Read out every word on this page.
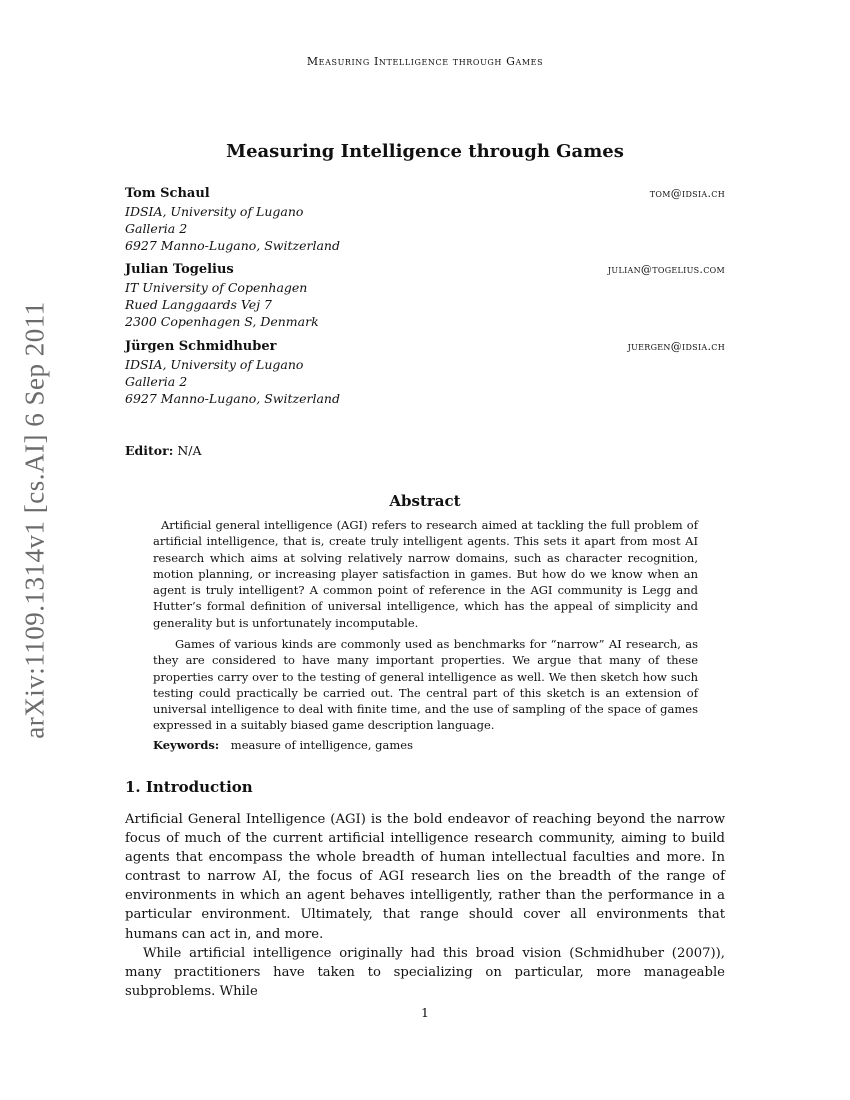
Measuring Intelligence through Games
Measuring Intelligence through Games
Tom Schaul	tom@idsia.ch
IDSIA, University of Lugano
Galleria 2
6927 Manno-Lugano, Switzerland
Julian Togelius	julian@togelius.com
IT University of Copenhagen
Rued Langgaards Vej 7
2300 Copenhagen S, Denmark
Jürgen Schmidhuber	juergen@idsia.ch
IDSIA, University of Lugano
Galleria 2
6927 Manno-Lugano, Switzerland
Editor: N/A
Abstract
Artificial general intelligence (AGI) refers to research aimed at tackling the full problem of artificial intelligence, that is, create truly intelligent agents. This sets it apart from most AI research which aims at solving relatively narrow domains, such as character recognition, motion planning, or increasing player satisfaction in games. But how do we know when an agent is truly intelligent? A common point of reference in the AGI community is Legg and Hutter’s formal definition of universal intelligence, which has the appeal of simplicity and generality but is unfortunately incomputable.
Games of various kinds are commonly used as benchmarks for “narrow” AI research, as they are considered to have many important properties. We argue that many of these properties carry over to the testing of general intelligence as well. We then sketch how such testing could practically be carried out. The central part of this sketch is an extension of universal intelligence to deal with finite time, and the use of sampling of the space of games expressed in a suitably biased game description language.
Keywords: measure of intelligence, games
1. Introduction
Artificial General Intelligence (AGI) is the bold endeavor of reaching beyond the narrow focus of much of the current artificial intelligence research community, aiming to build agents that encompass the whole breadth of human intellectual faculties and more. In contrast to narrow AI, the focus of AGI research lies on the breadth of the range of environments in which an agent behaves intelligently, rather than the performance in a particular environment. Ultimately, that range should cover all environments that humans can act in, and more.
While artificial intelligence originally had this broad vision (Schmidhuber (2007)), many practitioners have taken to specializing on particular, more manageable subproblems. While
1
arXiv:1109.1314v1 [cs.AI] 6 Sep 2011
